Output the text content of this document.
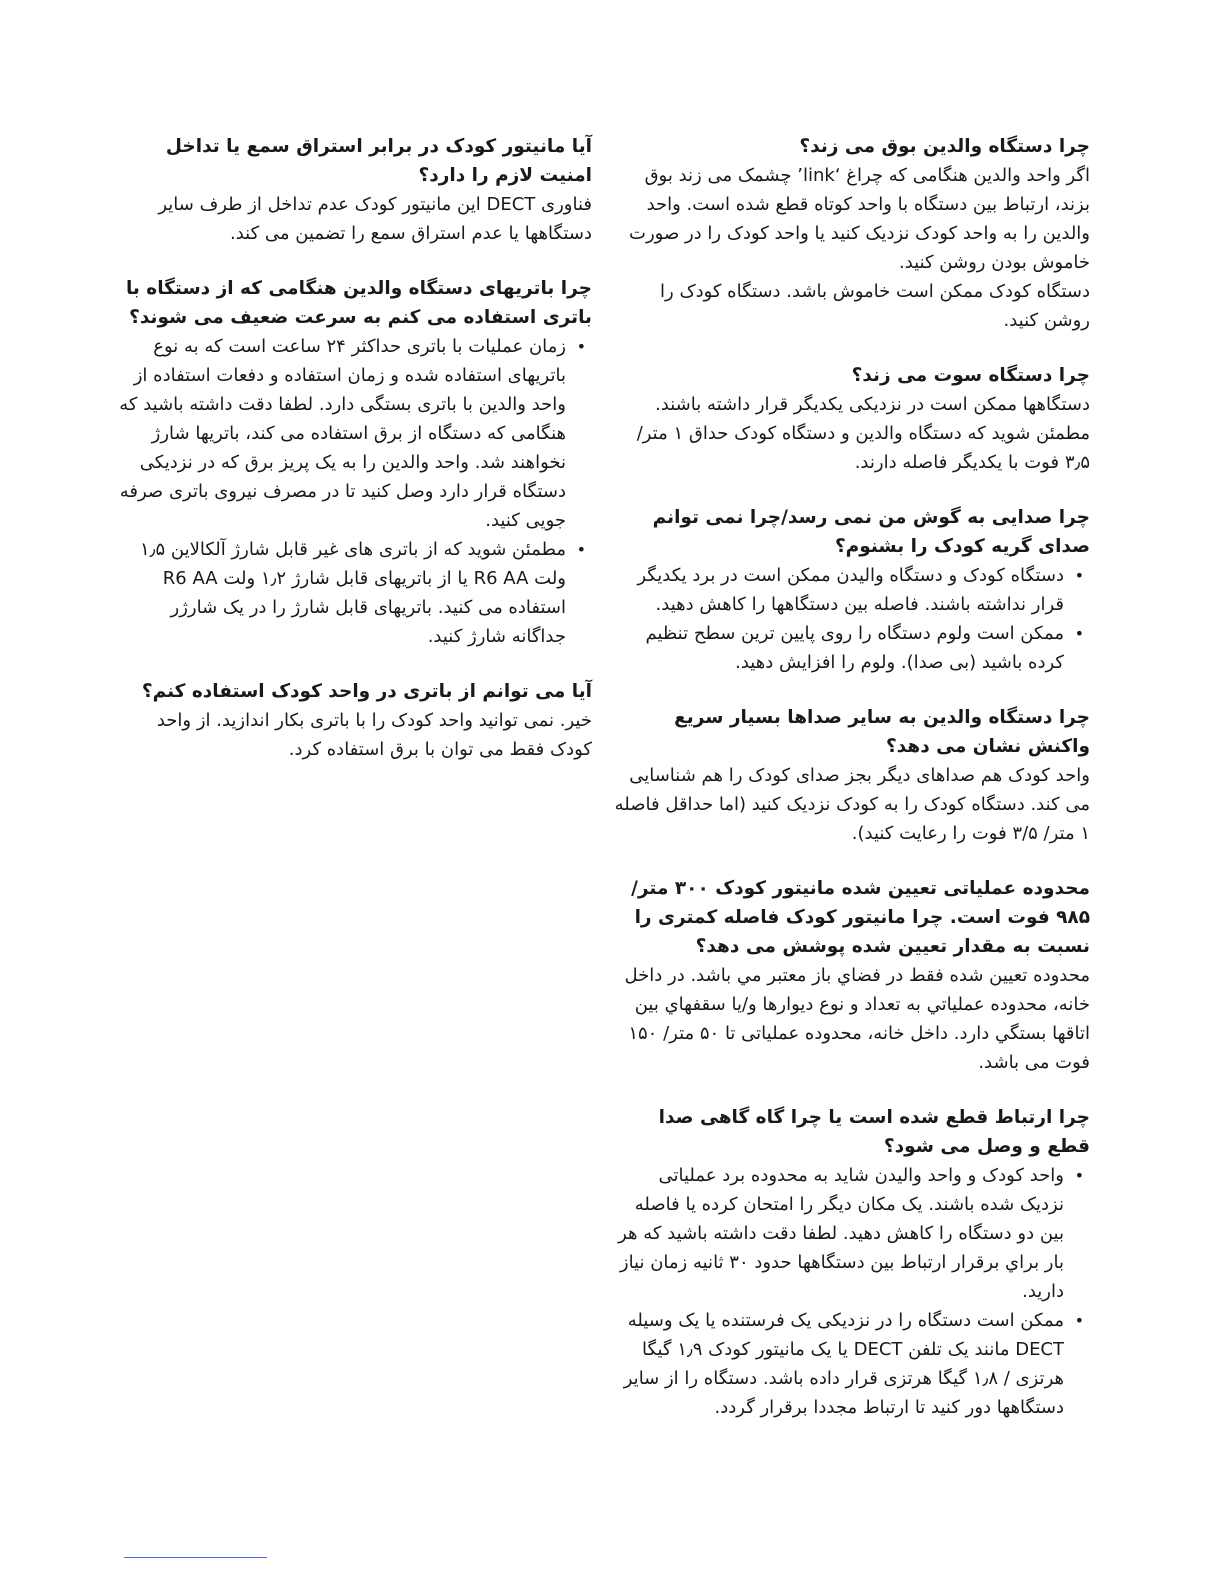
چرا دستگاه والدین بوق می زند؟

اگر واحد والدین هنگامی که چراغ ‘link’ چشمک می زند بوق بزند، ارتباط بین دستگاه با واحد کوتاه قطع شده است. واحد والدین را به واحد کودک نزدیک کنید یا واحد کودک را در صورت خاموش بودن روشن کنید.

دستگاه کودک ممکن است خاموش باشد. دستگاه کودک را روشن کنید.

چرا دستگاه سوت می زند؟

دستگاهها ممکن است در نزدیکی یکدیگر قرار داشته باشند. مطمئن شوید که دستگاه والدین و دستگاه کودک حداق ۱ متر/ ۳٫۵ فوت با یکدیگر فاصله دارند.

چرا صدایی به گوش من نمی رسد/چرا نمی توانم صدای گریه کودک را بشنوم؟

• دستگاه کودک و دستگاه والیدن ممکن است در برد یکدیگر قرار نداشته باشند. فاصله بین دستگاهها را کاهش دهید.
• ممکن است ولوم دستگاه را روی پایین ترین سطح تنظیم کرده باشید (بی صدا). ولوم را افزایش دهید.

چرا دستگاه والدین به سایر صداها بسیار سریع واکنش نشان می دهد؟

واحد کودک هم صداهای دیگر بجز صدای کودک را هم شناسایی می کند. دستگاه کودک را به کودک نزدیک کنید (اما حداقل فاصله ۱ متر/ ۳/۵ فوت را رعایت کنید).

محدوده عملیاتی تعیین شده مانیتور کودک ۳۰۰ متر/ ۹۸۵ فوت است. چرا مانیتور کودک فاصله کمتری را نسبت به مقدار تعیین شده پوشش می دهد؟

محدوده تعیین شده فقط در فضاي باز معتبر مي باشد. در داخل خانه، محدوده عملیاتي به تعداد و نوع دیوارها و/یا سقفهاي بین اتاقها بستگي دارد. داخل خانه، محدوده عملیاتی تا ۵۰ متر/ ۱۵۰ فوت می باشد.

چرا ارتباط قطع شده است یا چرا گاه گاهی صدا قطع و وصل می شود؟

• واحد کودک و واحد والیدن شاید به محدوده برد عملیاتی نزدیک شده باشند. یک مکان دیگر را امتحان کرده یا فاصله بین دو دستگاه را کاهش دهید. لطفا دقت داشته باشید که هر بار براي برقرار ارتباط بین دستگاهها حدود ۳۰ ثانیه زمان نیاز دارید.
• ممکن است دستگاه را در نزدیکی یک فرستنده یا یک وسیله DECT مانند یک تلفن DECT یا یک مانیتور کودک ۱٫۹ گیگا هرتزی / ۱٫۸ گیگا هرتزی قرار داده باشد. دستگاه را از سایر دستگاهها دور کنید تا ارتباط مجددا برقرار گردد.

آیا مانیتور کودک در برابر استراق سمع یا تداخل امنیت لازم را دارد؟

فناوری DECT این مانیتور کودک عدم تداخل از طرف سایر دستگاهها یا عدم استراق سمع را تضمین می کند.

چرا باتریهای دستگاه والدین هنگامی که از دستگاه با باتری استفاده می کنم به سرعت ضعیف می شوند؟

• زمان عملیات با باتری حداکثر ۲۴ ساعت است که به نوع باتریهای استفاده شده و زمان استفاده و دفعات استفاده از واحد والدین با باتری بستگی دارد. لطفا دقت داشته باشید که هنگامی که دستگاه از برق استفاده می کند، باتریها شارژ نخواهند شد. واحد والدین را به یک پریز برق که در نزدیکی دستگاه قرار دارد وصل کنید تا در مصرف نیروی باتری صرفه جویی کنید.
• مطمئن شوید که از باتری های غیر قابل شارژ آلکالاین ۱٫۵ ولت R6 AA یا از باتریهای قابل شارژ ۱٫۲ ولت R6 AA استفاده می کنید. باتریهای قابل شارژ را در یک شارژر جداگانه شارژ کنید.

آیا می توانم از باتری در واحد کودک استفاده کنم؟

خیر. نمی توانید واحد کودک را با باتری بکار اندازید. از واحد کودک فقط می توان با برق استفاده کرد.
